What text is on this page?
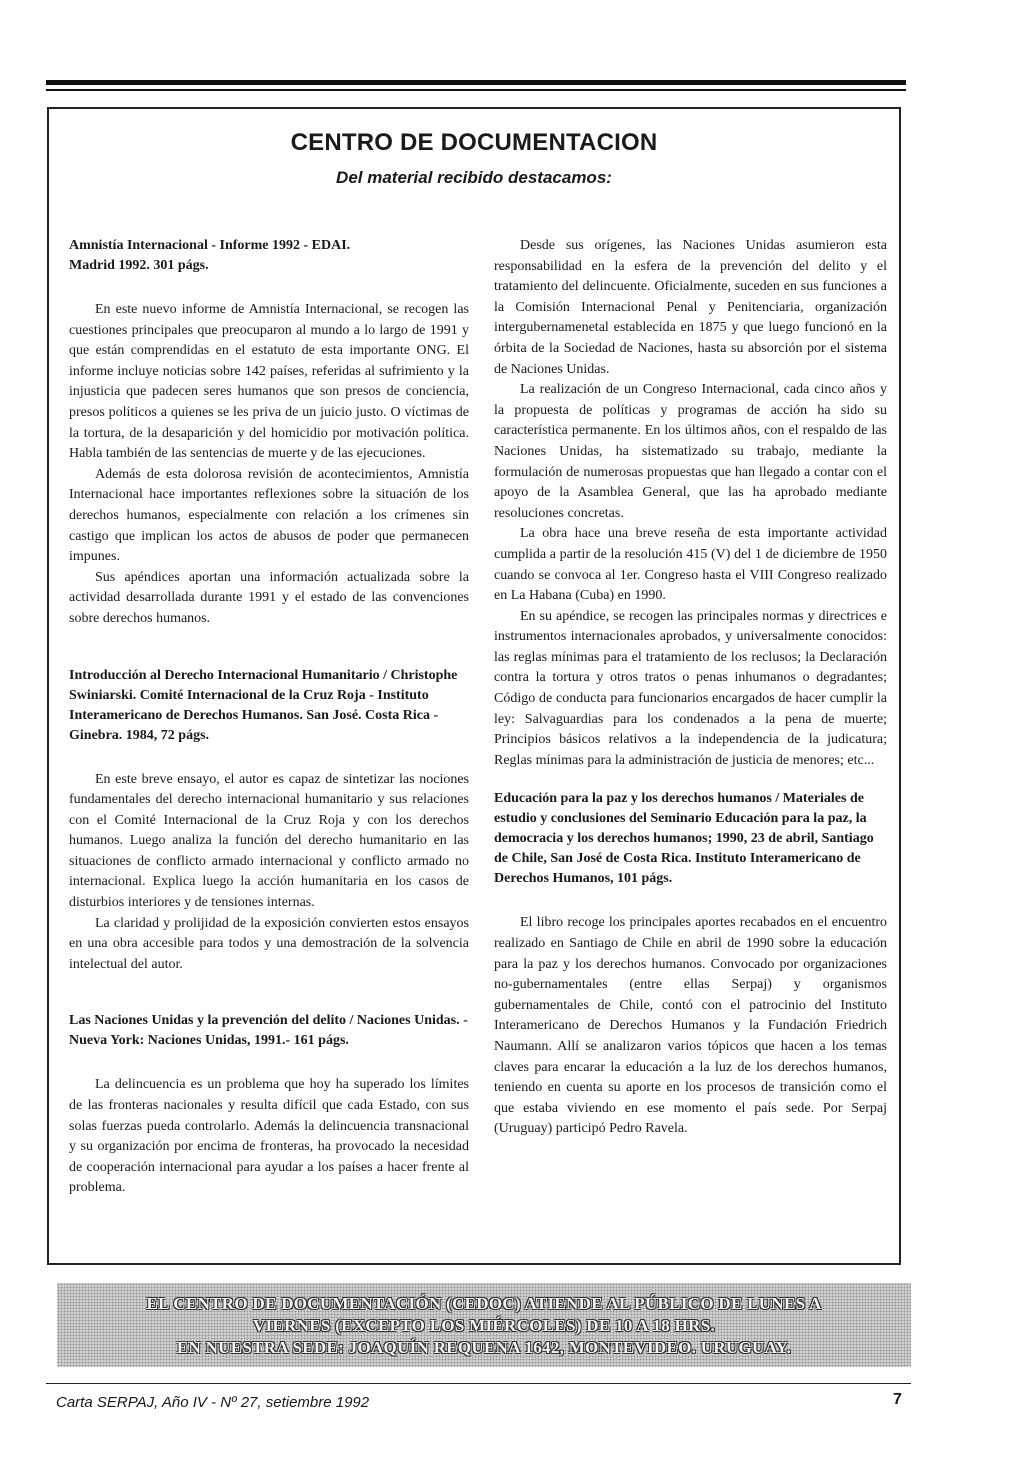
CENTRO DE DOCUMENTACION
Del material recibido destacamos:

Amnistía Internacional - Informe 1992 - EDAI.
Madrid 1992. 301 págs.

En este nuevo informe de Amnistía Internacional, se recogen las cuestiones principales que preocuparon al mundo a lo largo de 1991 y que están comprendidas en el estatuto de esta importante ONG. El informe incluye noticias sobre 142 países, referidas al sufrimiento y la injusticia que padecen seres humanos que son presos de conciencia, presos políticos a quienes se les priva de un juicio justo. O víctimas de la tortura, de la desaparición y del homicidio por motivación política. Habla también de las sentencias de muerte y de las ejecuciones.

Además de esta dolorosa revisión de acontecimientos, Amnistía Internacional hace importantes reflexiones sobre la situación de los derechos humanos, especialmente con relación a los crímenes sin castigo que implican los actos de abusos de poder que permanecen impunes.

Sus apéndices aportan una información actualizada sobre la actividad desarrollada durante 1991 y el estado de las convenciones sobre derechos humanos.

Introducción al Derecho Internacional Humanitario / Christophe Swiniarski. Comité Internacional de la Cruz Roja - Instituto Interamericano de Derechos Humanos. San José. Costa Rica - Ginebra. 1984, 72 págs.

En este breve ensayo, el autor es capaz de sintetizar las nociones fundamentales del derecho internacional humanitario y sus relaciones con el Comité Internacional de la Cruz Roja y con los derechos humanos. Luego analiza la función del derecho humanitario en las situaciones de conflicto armado internacional y conflicto armado no internacional. Explica luego la acción humanitaria en los casos de disturbios interiores y de tensiones internas.

La claridad y prolijidad de la exposición convierten estos ensayos en una obra accesible para todos y una demostración de la solvencia intelectual del autor.

Las Naciones Unidas y la prevención del delito / Naciones Unidas. - Nueva York: Naciones Unidas, 1991.- 161 págs.

La delincuencia es un problema que hoy ha superado los límites de las fronteras nacionales y resulta difícil que cada Estado, con sus solas fuerzas pueda controlarlo. Además la delincuencia transnacional y su organización por encima de fronteras, ha provocado la necesidad de cooperación internacional para ayudar a los países a hacer frente al problema.

Desde sus orígenes, las Naciones Unidas asumieron esta responsabilidad en la esfera de la prevención del delito y el tratamiento del delincuente. Oficialmente, suceden en sus funciones a la Comisión Internacional Penal y Penitenciaria, organización intergubernamenetal establecida en 1875 y que luego funcionó en la órbita de la Sociedad de Naciones, hasta su absorción por el sistema de Naciones Unidas.

La realización de un Congreso Internacional, cada cinco años y la propuesta de políticas y programas de acción ha sido su característica permanente. En los últimos años, con el respaldo de las Naciones Unidas, ha sistematizado su trabajo, mediante la formulación de numerosas propuestas que han llegado a contar con el apoyo de la Asamblea General, que las ha aprobado mediante resoluciones concretas.

La obra hace una breve reseña de esta importante actividad cumplida a partir de la resolución 415 (V) del 1 de diciembre de 1950 cuando se convoca al 1er. Congreso hasta el VIII Congreso realizado en La Habana (Cuba) en 1990.

En su apéndice, se recogen las principales normas y directrices e instrumentos internacionales aprobados, y universalmente conocidos: las reglas mínimas para el tratamiento de los reclusos; la Declaración contra la tortura y otros tratos o penas inhumanos o degradantes; Código de conducta para funcionarios encargados de hacer cumplir la ley: Salvaguardias para los condenados a la pena de muerte; Principios básicos relativos a la independencia de la judicatura; Reglas mínimas para la administración de justicia de menores; etc...

Educación para la paz y los derechos humanos / Materiales de estudio y conclusiones del Seminario Educación para la paz, la democracia y los derechos humanos; 1990, 23 de abril, Santiago de Chile, San José de Costa Rica. Instituto Interamericano de Derechos Humanos, 101 págs.

El libro recoge los principales aportes recabados en el encuentro realizado en Santiago de Chile en abril de 1990 sobre la educación para la paz y los derechos humanos. Convocado por organizaciones no-gubernamentales (entre ellas Serpaj) y organismos gubernamentales de Chile, contó con el patrocinio del Instituto Interamericano de Derechos Humanos y la Fundación Friedrich Naumann. Allí se analizaron varios tópicos que hacen a los temas claves para encarar la educación a la luz de los derechos humanos, teniendo en cuenta su aporte en los procesos de transición como el que estaba viviendo en ese momento el país sede. Por Serpaj (Uruguay) participó Pedro Ravela.

EL CENTRO DE DOCUMENTACIÓN (CEDOC) ATIENDE AL PÚBLICO DE LUNES A
VIERNES (EXCEPTO LOS MIÉRCOLES) DE 10 A 18 HRS.
EN NUESTRA SEDE: JOAQUÍN REQUENA 1642, MONTEVIDEO. URUGUAY.
Carta SERPAJ, Año IV - Nº 27, setiembre 1992	7
